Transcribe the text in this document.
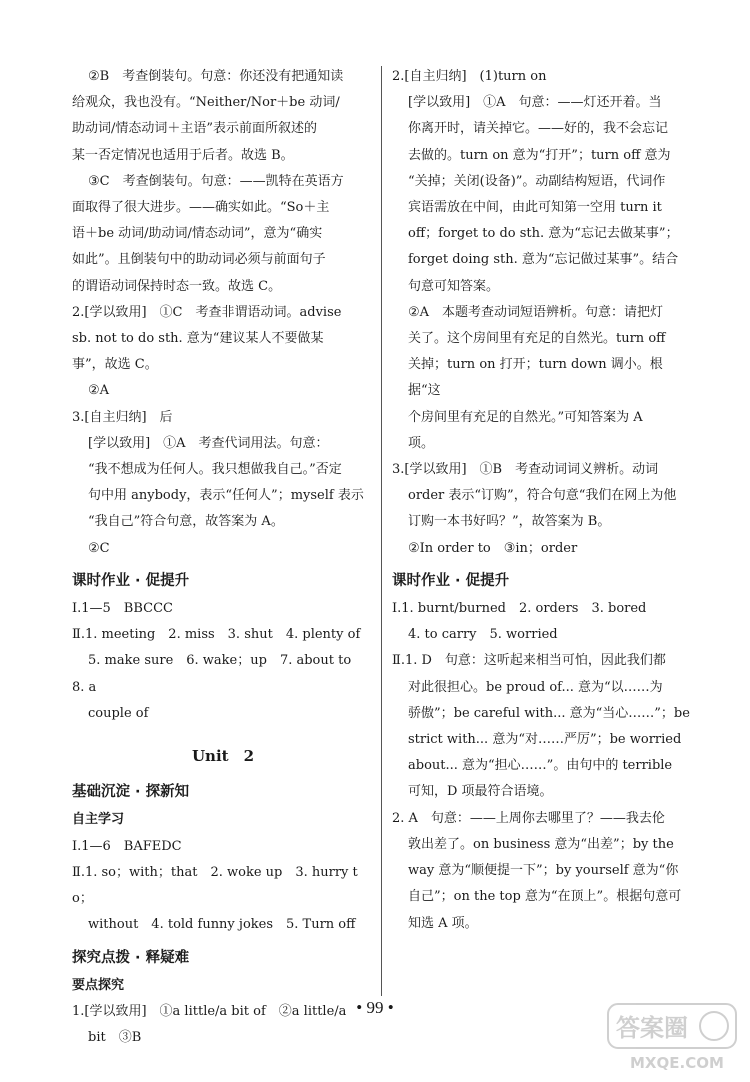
②B　考查倒装句。句意：你还没有把通知读

给观众，我也没有。“Neither/Nor＋be 动词/

助动词/情态动词＋主语”表示前面所叙述的

某一否定情况也适用于后者。故选 B。

③C　考查倒装句。句意：——凯特在英语方

面取得了很大进步。——确实如此。“So＋主

语＋be 动词/助动词/情态动词”，意为“确实

如此”。且倒装句中的助动词必须与前面句子

的谓语动词保持时态一致。故选 C。

2.[学以致用]　①C　考查非谓语动词。advise

sb. not to do sth. 意为“建议某人不要做某

事”，故选 C。

②A

3.[自主归纳]　后

[学以致用]　①A　考查代词用法。句意：

“我不想成为任何人。我只想做我自己。”否定

句中用 anybody，表示“任何人”；myself 表示

“我自己”符合句意，故答案为 A。

②C

课时作业 · 促提升

Ⅰ.1—5　BBCCC

Ⅱ.1. meeting　2. miss　3. shut　4. plenty of

5. make sure　6. wake；up　7. about to　8. a

couple of

Unit　2

基础沉淀 · 探新知

自主学习

Ⅰ.1—6　BAFEDC

Ⅱ.1. so；with；that　2. woke up　3. hurry to；

without　4. told funny jokes　5. Turn off

探究点拨 · 释疑难

要点探究

1.[学以致用]　①a little/a bit of　②a little/a

bit　③B

2.[自主归纳]　(1)turn on

[学以致用]　①A　句意：——灯还开着。当

你离开时，请关掉它。——好的，我不会忘记

去做的。turn on 意为“打开”；turn off 意为

“关掉；关闭(设备)”。动副结构短语，代词作

宾语需放在中间，由此可知第一空用 turn it

off；forget to do sth. 意为“忘记去做某事”；

forget doing sth. 意为“忘记做过某事”。结合

句意可知答案。

②A　本题考查动词短语辨析。句意：请把灯

关了。这个房间里有充足的自然光。turn off

关掉；turn on 打开；turn down 调小。根据“这

个房间里有充足的自然光。”可知答案为 A

项。

3.[学以致用]　①B　考查动词词义辨析。动词

order 表示“订购”，符合句意“我们在网上为他

订购一本书好吗？”，故答案为 B。

②In order to　③in；order

课时作业 · 促提升

Ⅰ.1. burnt/burned　2. orders　3. bored

4. to carry　5. worried

Ⅱ.1. D　句意：这听起来相当可怕，因此我们都

对此很担心。be proud of... 意为“以……为

骄傲”；be careful with... 意为“当心……”；be

strict with... 意为“对……严厉”；be worried

about... 意为“担心……”。由句中的 terrible

可知，D 项最符合语境。

2. A　句意：——上周你去哪里了？——我去伦

敦出差了。on business 意为“出差”；by the

way 意为“顺便提一下”；by yourself 意为“你

自己”；on the top 意为“在顶上”。根据句意可

知选 A 项。

• 99 •
答案圈
MXQE.COM
